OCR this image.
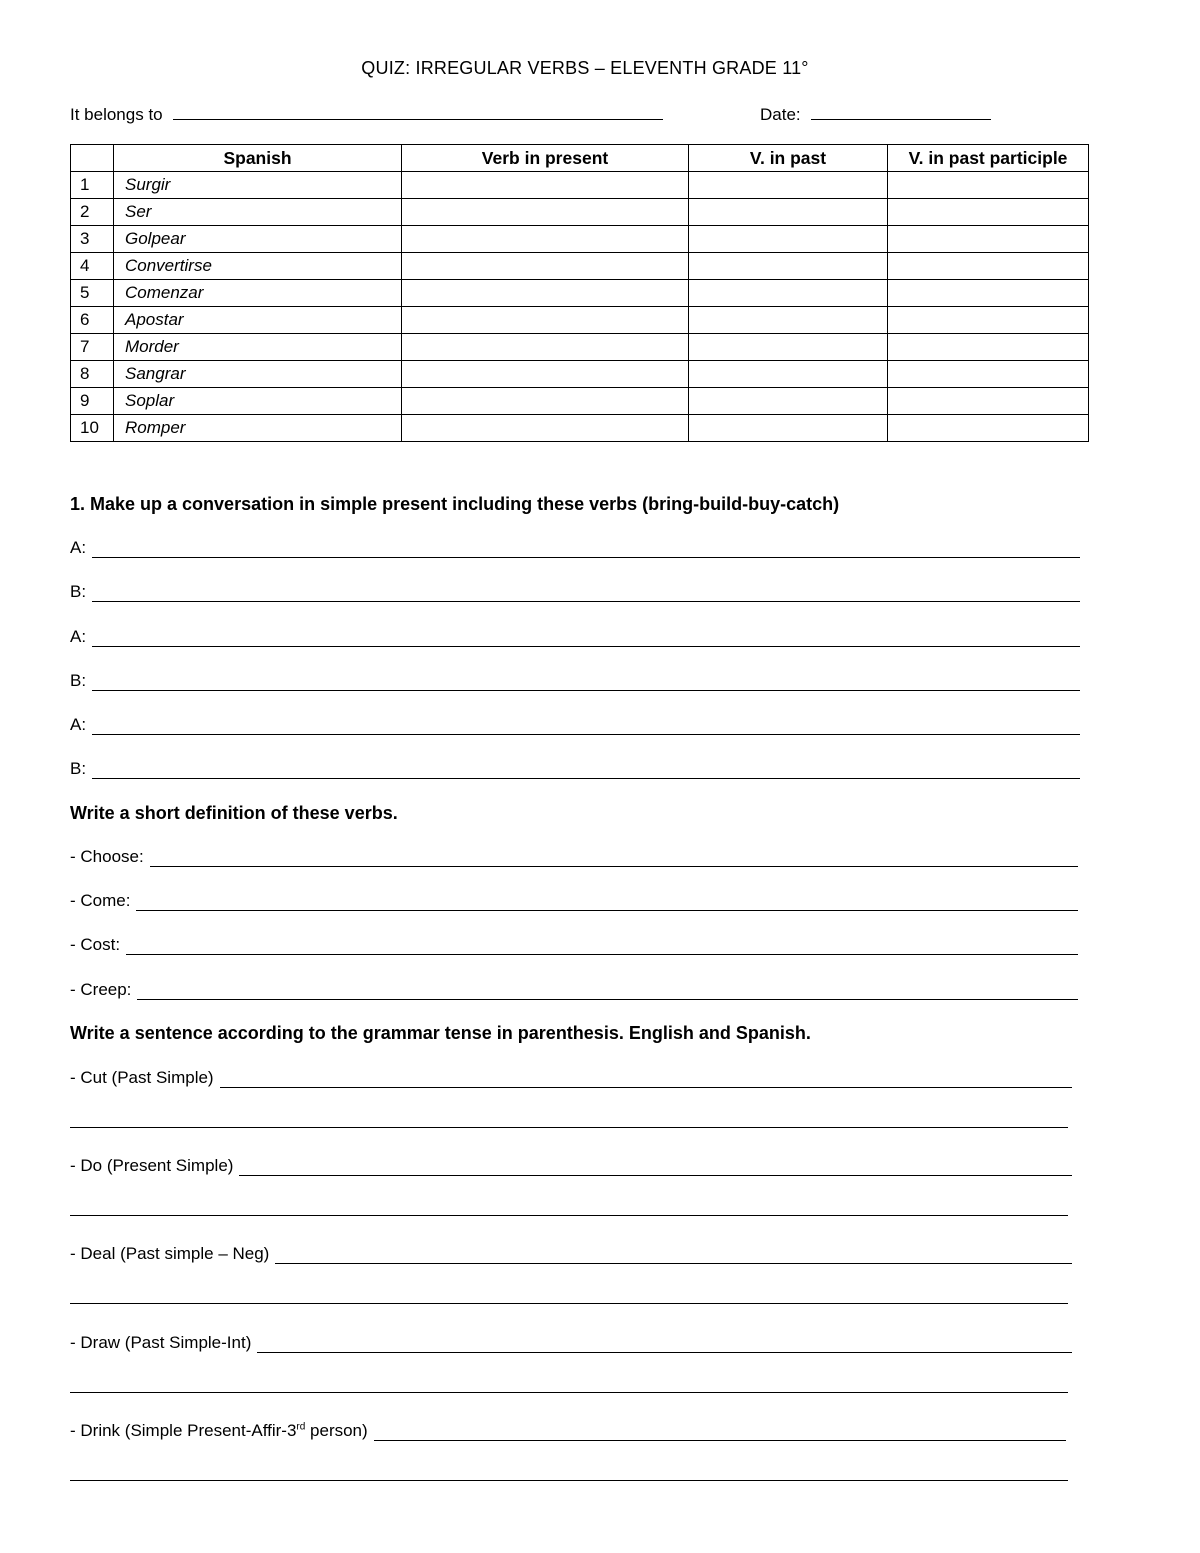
QUIZ: IRREGULAR VERBS – ELEVENTH GRADE 11°
It belongs to	Date:
	Spanish	Verb in present	V. in past	V. in past participle
1	Surgir			
2	Ser			
3	Golpear			
4	Convertirse			
5	Comenzar			
6	Apostar			
7	Morder			
8	Sangrar			
9	Soplar			
10	Romper			
1. Make up a conversation in simple present including these verbs (bring-build-buy-catch)
A:
B:
A:
B:
A:
B:
Write a short definition of these verbs.
- Choose:
- Come:
- Cost:
- Creep:
Write a sentence according to the grammar tense in parenthesis. English and Spanish.
- Cut (Past Simple)
- Do (Present Simple)
- Deal (Past simple – Neg)
- Draw (Past Simple-Int)
- Drink (Simple Present-Affir-3rd person)
